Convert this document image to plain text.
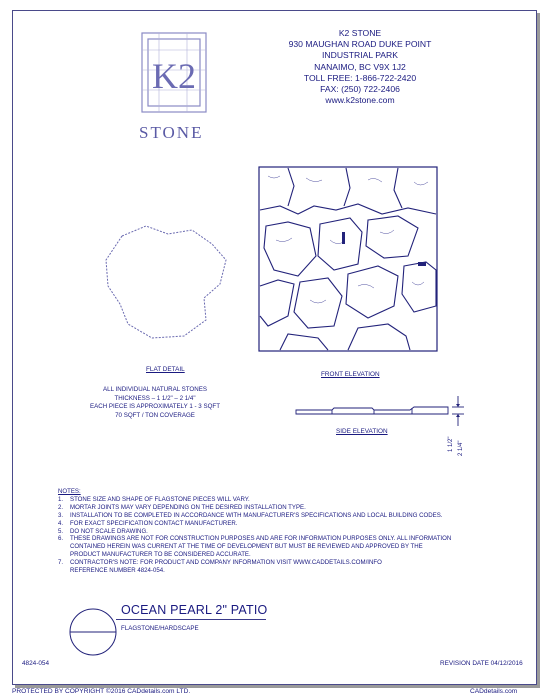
K2
STONE
K2 STONE
930 MAUGHAN ROAD DUKE POINT
INDUSTRIAL PARK
NANAIMO, BC V9X 1J2
TOLL FREE: 1-866-722-2420
FAX: (250) 722-2406
www.k2stone.com
FLAT DETAIL
FRONT ELEVATION
ALL INDIVIDUAL NATURAL STONES
THICKNESS – 1 1/2" – 2 1/4"
EACH PIECE IS APPROXIMATELY 1 - 3 SQFT
70 SQFT / TON COVERAGE
SIDE ELEVATION
1 1/2" 2 1/4"
NOTES:
1.	STONE SIZE AND SHAPE OF FLAGSTONE PIECES WILL VARY.
2.	MORTAR JOINTS MAY VARY DEPENDING ON THE DESIRED INSTALLATION TYPE.
3.	INSTALLATION TO BE COMPLETED IN ACCORDANCE WITH MANUFACTURER'S SPECIFICATIONS AND LOCAL BUILDING CODES.
4.	FOR EXACT SPECIFICATION CONTACT MANUFACTURER.
5.	DO NOT SCALE DRAWING.
6.	THESE DRAWINGS ARE NOT FOR CONSTRUCTION PURPOSES AND ARE FOR INFORMATION PURPOSES ONLY. ALL INFORMATION
CONTAINED HEREIN WAS CURRENT AT THE TIME OF DEVELOPMENT BUT MUST BE REVIEWED AND APPROVED BY THE
PRODUCT MANUFACTURER TO BE CONSIDERED ACCURATE.
7.	CONTRACTOR'S NOTE: FOR PRODUCT AND COMPANY INFORMATION VISIT WWW.CADDETAILS.COM/INFO
REFERENCE NUMBER 4824-054.
OCEAN PEARL 2" PATIO
FLAGSTONE/HARDSCAPE
4824-054	REVISION DATE 04/12/2016
PROTECTED BY COPYRIGHT ©2016 CADdetails.com LTD.	CADdetails.com
